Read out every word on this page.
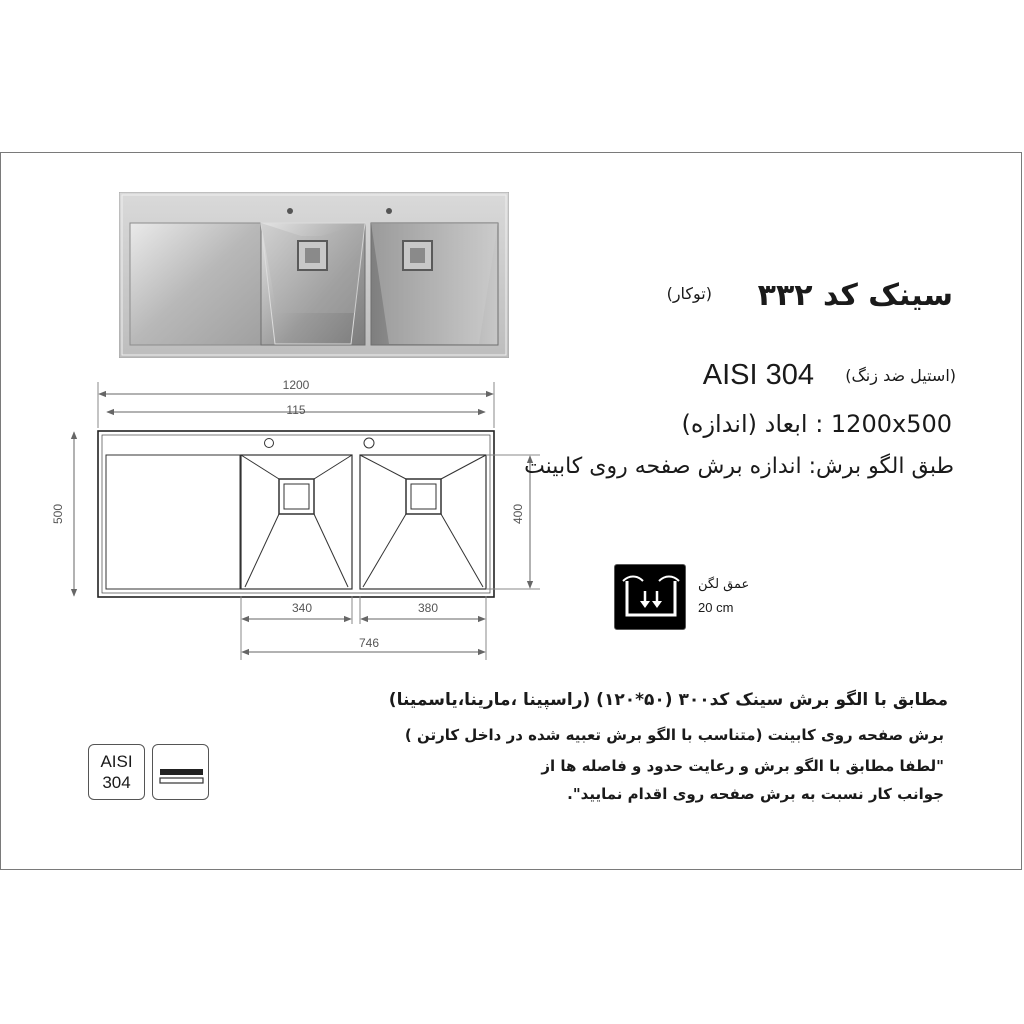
1200
115
500	400
340	380
746
سینک کد ۳۳۲
(توکار)
AISI 304 (استیل ضد زنگ)
1200x500 : ابعاد (اندازه)
طبق الگو برش: اندازه برش صفحه روی کابینت
عمق لگن
20 cm
مطابق با الگو برش سینک کد۳۰۰ (۵۰*۱۲۰) (راسپینا ،مارینا،یاسمینا)
برش صفحه روی کابینت (متناسب با الگو برش تعبیه شده در داخل کارتن )
"لطفا مطابق با الگو برش و رعایت حدود و فاصله ها از
جوانب کار نسبت به برش صفحه روی اقدام نمایید".
AISI
304
